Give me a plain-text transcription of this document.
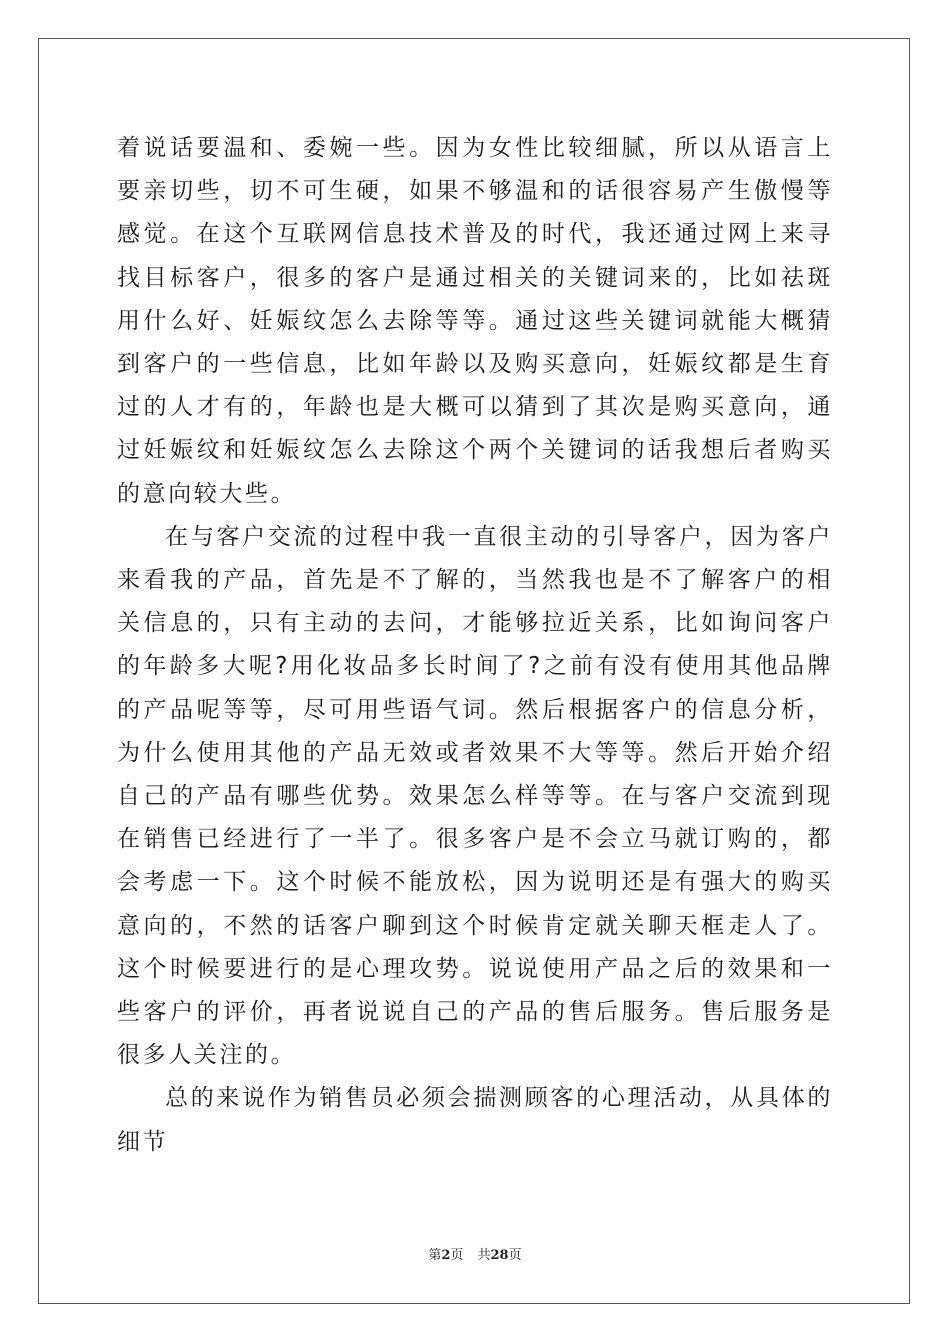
着说话要温和、委婉一些。因为女性比较细腻，所以从语言上要亲切些，切不可生硬，如果不够温和的话很容易产生傲慢等感觉。在这个互联网信息技术普及的时代，我还通过网上来寻找目标客户，很多的客户是通过相关的关键词来的，比如祛斑用什么好、妊娠纹怎么去除等等。通过这些关键词就能大概猜到客户的一些信息，比如年龄以及购买意向，妊娠纹都是生育过的人才有的，年龄也是大概可以猜到了其次是购买意向，通过妊娠纹和妊娠纹怎么去除这个两个关键词的话我想后者购买的意向较大些。

在与客户交流的过程中我一直很主动的引导客户，因为客户来看我的产品，首先是不了解的，当然我也是不了解客户的相关信息的，只有主动的去问，才能够拉近关系，比如询问客户的年龄多大呢?用化妆品多长时间了?之前有没有使用其他品牌的产品呢等等，尽可用些语气词。然后根据客户的信息分析，为什么使用其他的产品无效或者效果不大等等。然后开始介绍自己的产品有哪些优势。效果怎么样等等。在与客户交流到现在销售已经进行了一半了。很多客户是不会立马就订购的，都会考虑一下。这个时候不能放松，因为说明还是有强大的购买意向的，不然的话客户聊到这个时候肯定就关聊天框走人了。这个时候要进行的是心理攻势。说说使用产品之后的效果和一些客户的评价，再者说说自己的产品的售后服务。售后服务是很多人关注的。

总的来说作为销售员必须会揣测顾客的心理活动，从具体的细节

第2页 共28页
